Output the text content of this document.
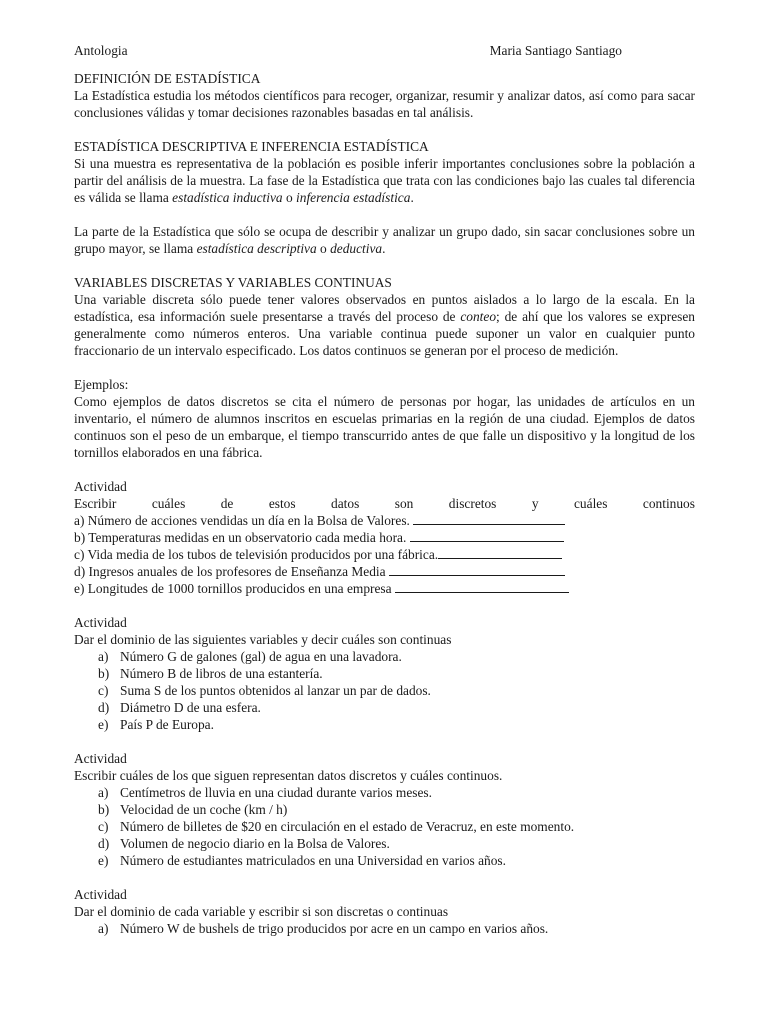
Antologia	Maria Santiago Santiago
DEFINICIÓN DE ESTADÍSTICA

La Estadística estudia los métodos científicos para recoger, organizar, resumir y analizar datos, así como para sacar conclusiones válidas y tomar decisiones razonables basadas en tal análisis.

ESTADÍSTICA DESCRIPTIVA E INFERENCIA ESTADÍSTICA

Si una muestra es representativa de la población es posible inferir importantes conclusiones sobre la población a partir del análisis de la muestra. La fase de la Estadística que trata con las condiciones bajo las cuales tal diferencia es válida se llama estadística inductiva o inferencia estadística.

La parte de la Estadística que sólo se ocupa de describir y analizar un grupo dado, sin sacar conclusiones sobre un grupo mayor, se llama estadística descriptiva o deductiva.

VARIABLES DISCRETAS Y VARIABLES CONTINUAS

Una variable discreta sólo puede tener valores observados en puntos aislados a lo largo de la escala. En la estadística, esa información suele presentarse a través del proceso de conteo; de ahí que los valores se expresen generalmente como números enteros. Una variable continua puede suponer un valor en cualquier punto fraccionario de un intervalo especificado. Los datos continuos se generan por el proceso de medición.

Ejemplos:

Como ejemplos de datos discretos se cita el número de personas por hogar, las unidades de artículos en un inventario, el número de alumnos inscritos en escuelas primarias en la región de una ciudad. Ejemplos de datos continuos son el peso de un embarque, el tiempo transcurrido antes de que falle un dispositivo y la longitud de los tornillos elaborados en una fábrica.

Actividad
Escribir	cuáles	de	estos	datos	son	discretos	y	cuáles	continuos
a) Número de acciones vendidas un día en la Bolsa de Valores.
b) Temperaturas medidas en un observatorio cada media hora.
c) Vida media de los tubos de televisión producidos por una fábrica.
d) Ingresos anuales de los profesores de Enseñanza Media
e) Longitudes de 1000 tornillos producidos en una empresa
Actividad
Dar el dominio de las siguientes variables y decir cuáles son continuas
a) Número G de galones (gal) de agua en una lavadora.
b) Número B de libros de una estantería.
c) Suma S de los puntos obtenidos al lanzar un par de dados.
d) Diámetro D de una esfera.
e) País P de Europa.
Actividad
Escribir cuáles de los que siguen representan datos discretos y cuáles continuos.
a) Centímetros de lluvia en una ciudad durante varios meses.
b) Velocidad de un coche (km / h)
c) Número de billetes de $20 en circulación en el estado de Veracruz, en este momento.
d) Volumen de negocio diario en la Bolsa de Valores.
e) Número de estudiantes matriculados en una Universidad en varios años.
Actividad
Dar el dominio de cada variable y escribir si son discretas o continuas
a) Número W de bushels de trigo producidos por acre en un campo en varios años.
